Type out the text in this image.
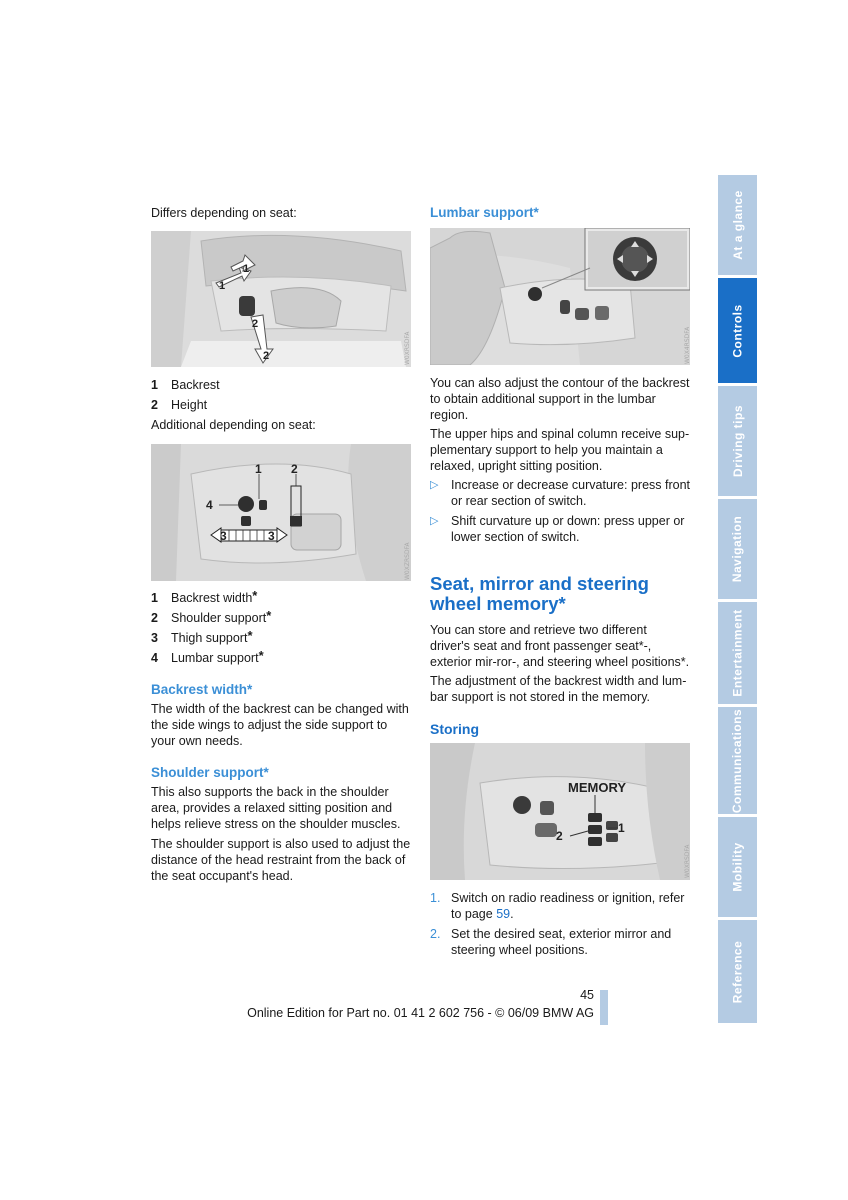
Differs depending on seat:
1
1
2
2	W0XRSDFA
1	Backrest
2	Height
Additional depending on seat:
1 2
3	3
4
W0XZRSDFA
1	Backrest width *
2	Shoulder support *
3	Thigh support *
4	Lumbar support *
Backrest width*

The width of the backrest can be changed with the side wings to adjust the side support to your own needs.

Shoulder support*

This also supports the back in the shoulder area, provides a relaxed sitting position and helps relieve stress on the shoulder muscles.

The shoulder support is also used to adjust the distance of the head restraint from the back of the seat occupant's head.

Lumbar support*
W0X4RSDFA

You can also adjust the contour of the backrest to obtain additional support in the lumbar region.

The upper hips and spinal column receive sup-plementary support to help you maintain a relaxed, upright sitting position.

▷	Increase or decrease curvature: press front or rear section of switch.
▷	Shift curvature up or down: press upper or lower section of switch.
Seat, mirror and steering wheel memory*

You can store and retrieve two different driver's seat and front passenger seat*-, exterior mir-ror-, and steering wheel positions*.

The adjustment of the backrest width and lum-bar support is not stored in the memory.

Storing
MEMORY
1
2
W0XRSDFA
1. Switch on radio readiness or ignition, refer to page 59.
2. Set the desired seat, exterior mirror and steering wheel positions.
At a glance
Controls
Driving tips
Navigation
Entertainment
Communications
Mobility
Reference
45
Online Edition for Part no. 01 41 2 602 756 - © 06/09 BMW AG
